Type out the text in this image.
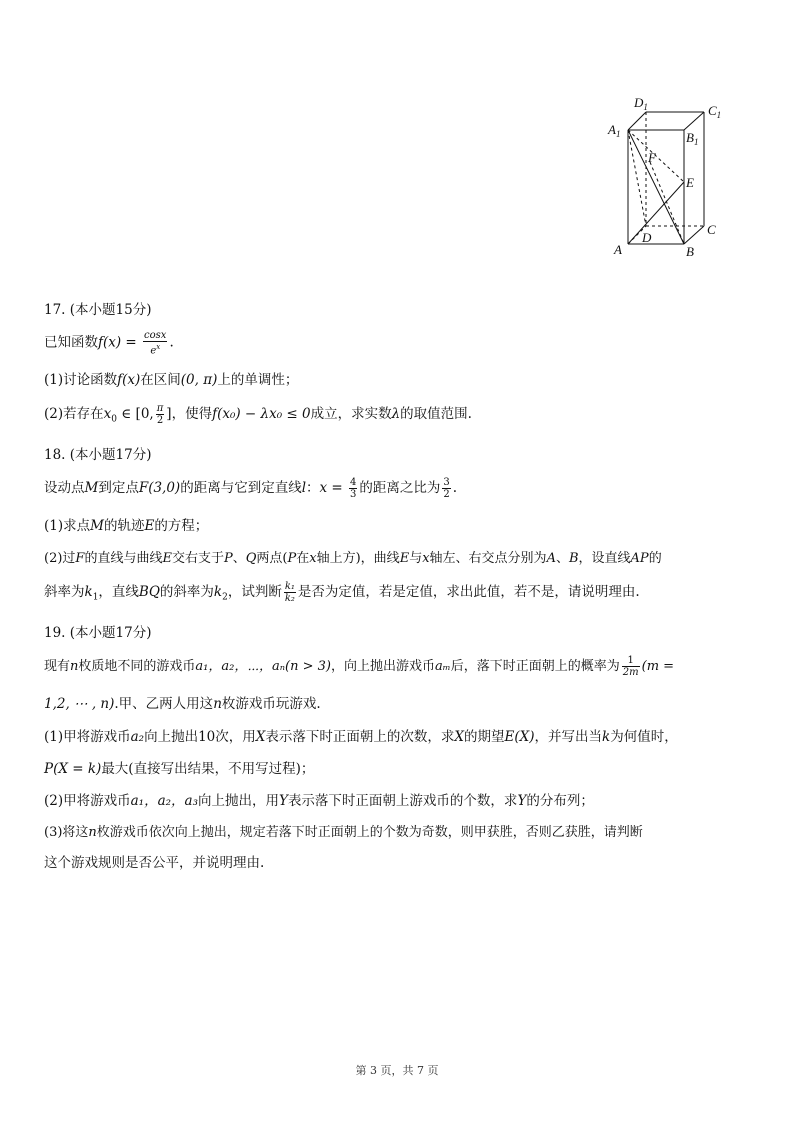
$D_1$	$C_1$
$A_1$	$B_1$
F
E
C
D
A	B
17. (本小题15分)
已知函数$f(x) = \frac{\cos x}{e^x}$ .
(1)讨论函数f(x)在区间(0, π)上的单调性；
(2)若存在$x_0$ ∈ [0, $\frac{\pi}{2}$ ]，使得f(x₀) − λx₀ ≤ 0成立，求实数λ的取值范围.
18. (本小题17分)
设动点M到定点F(3,0)的距离与它到定直线l：$x = \frac{4}{3}$ 的距离之比为 $\frac{3}{2}$ .
(1)求点M的轨迹E的方程；
(2)过F的直线与曲线E交右支于P、Q两点(P在x轴上方)，曲线E与x轴左、右交点分别为A、B，设直线AP的
斜率为$k_1$，直线BQ的斜率为$k_2$，试判断 $\frac{\text{k₁}}{\text{k₂}}$ 是否为定值，若是定值，求出此值，若不是，请说明理由.
19. (本小题17分)
现有n枚质地不同的游戏币a₁，a₂，⋯，aₙ(n > 3)，向上抛出游戏币aₘ后，落下时正面朝上的概率为 $\frac{1}{2m} (m$ =
1,2, ⋯ , n).甲、乙两人用这n枚游戏币玩游戏.
(1)甲将游戏币a₂向上抛出10次，用X表示落下时正面朝上的次数，求X的期望E(X)，并写出当k为何值时，
P(X = k)最大(直接写出结果，不用写过程)；
(2)甲将游戏币a₁，a₂，a₃向上抛出，用Y表示落下时正面朝上游戏币的个数，求Y的分布列；
(3)将这n枚游戏币依次向上抛出，规定若落下时正面朝上的个数为奇数，则甲获胜，否则乙获胜，请判断
这个游戏规则是否公平，并说明理由.
第 3 页，共 7 页
